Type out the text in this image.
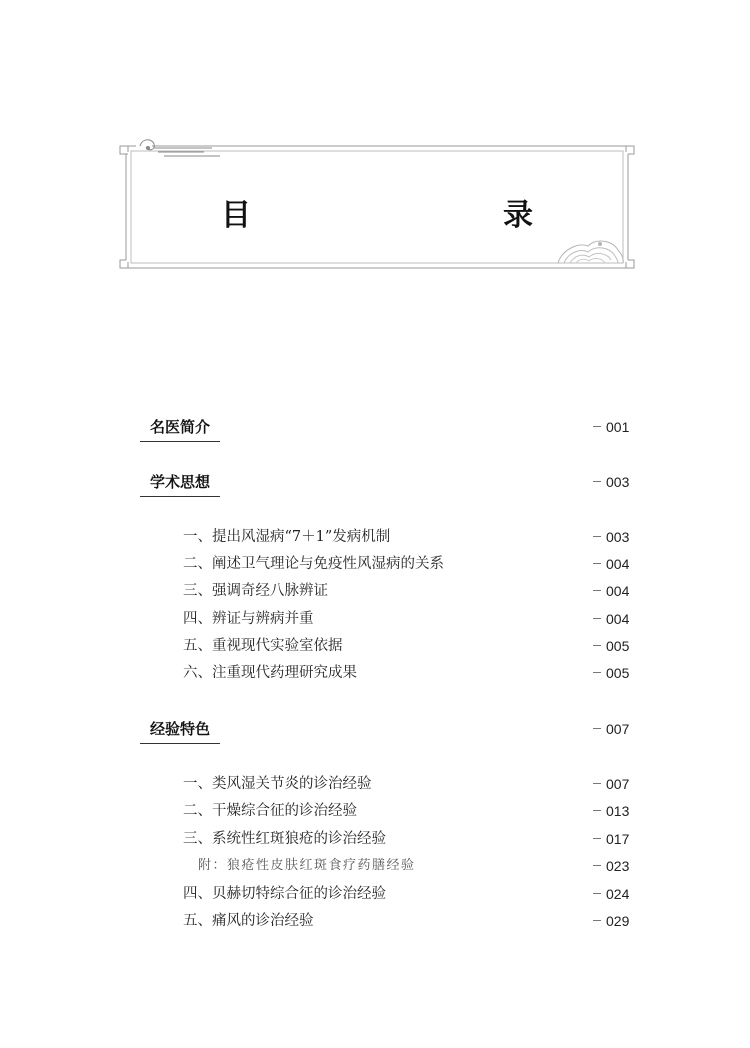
目　　录
名医简介	001
学术思想	003
一、提出风湿病“7＋1”发病机制	003
二、阐述卫气理论与免疫性风湿病的关系	004
三、强调奇经八脉辨证	004
四、辨证与辨病并重	004
五、重视现代实验室依据	005
六、注重现代药理研究成果	005
经验特色	007
一、类风湿关节炎的诊治经验	007
二、干燥综合征的诊治经验	013
三、系统性红斑狼疮的诊治经验	017
附：狼疮性皮肤红斑食疗药膳经验	023
四、贝赫切特综合征的诊治经验	024
五、痛风的诊治经验	029
